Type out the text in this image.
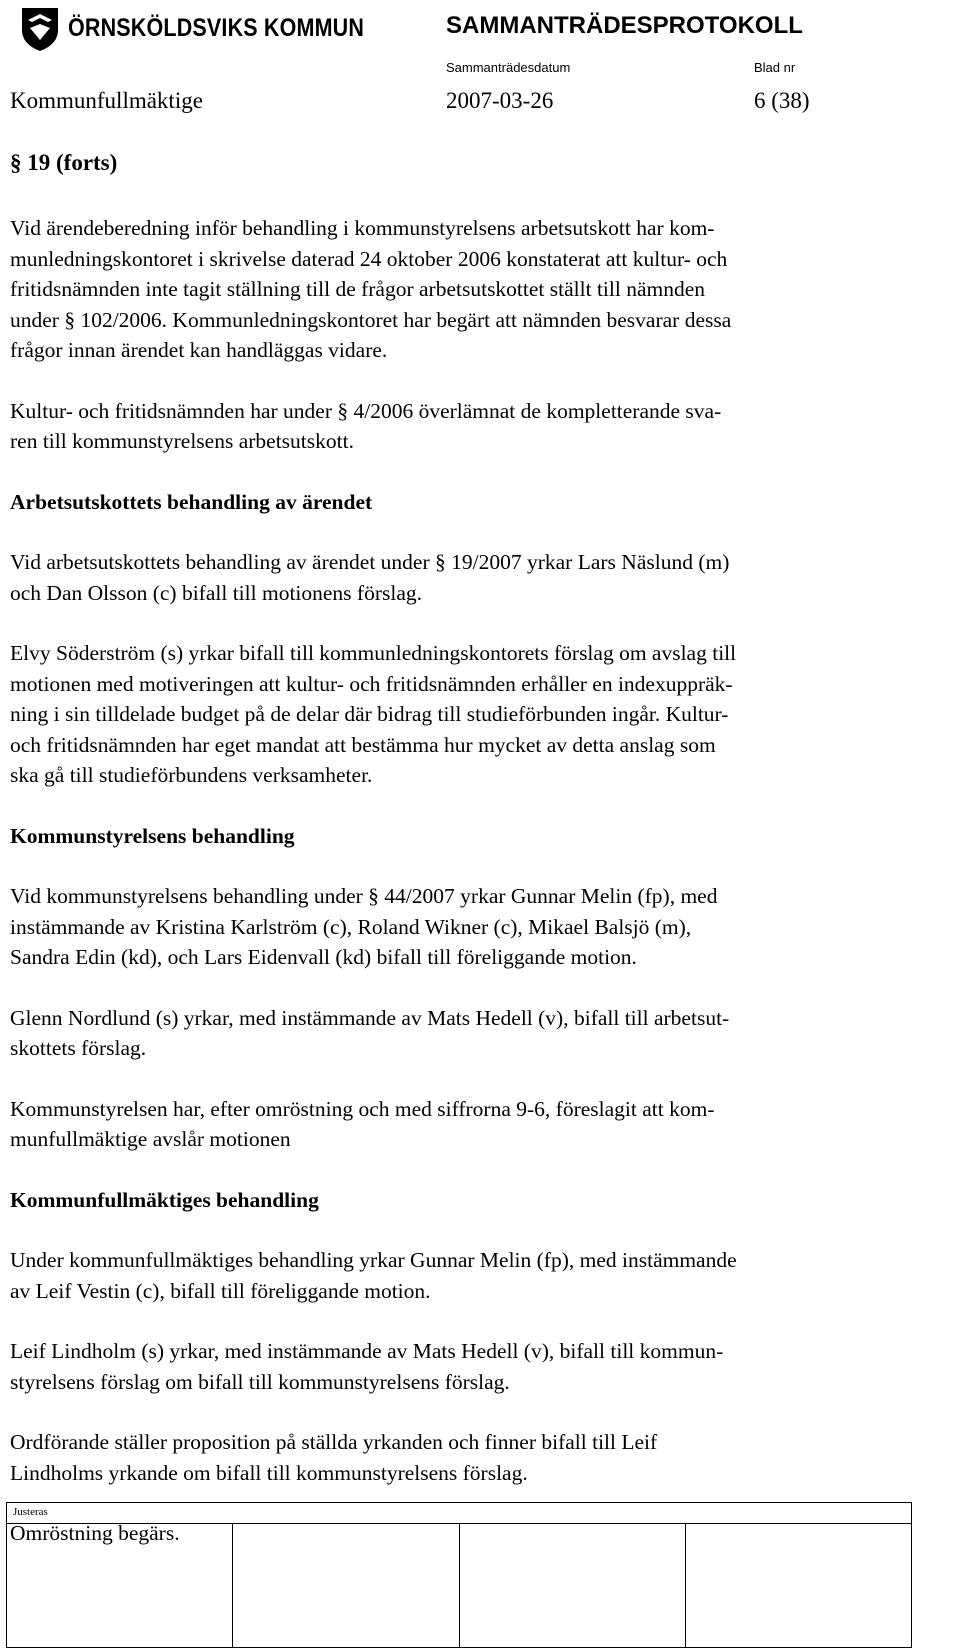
ÖRNSKÖLDSVIKS KOMMUN	SAMMANTRÄDESPROTOKOLL
Sammanträdesdatum	Blad nr
Kommunfullmäktige	2007-03-26	6 (38)
§ 19 (forts)

Vid ärendeberedning inför behandling i kommunstyrelsens arbetsutskott har kom-
munledningskontoret i skrivelse daterad 24 oktober 2006 konstaterat att kultur- och
fritidsnämnden inte tagit ställning till de frågor arbetsutskottet ställt till nämnden
under § 102/2006. Kommunledningskontoret har begärt att nämnden besvarar dessa
frågor innan ärendet kan handläggas vidare.

Kultur- och fritidsnämnden har under § 4/2006 överlämnat de kompletterande sva-
ren till kommunstyrelsens arbetsutskott.

Arbetsutskottets behandling av ärendet

Vid arbetsutskottets behandling av ärendet under § 19/2007 yrkar Lars Näslund (m)
och Dan Olsson (c) bifall till motionens förslag.

Elvy Söderström (s) yrkar bifall till kommunledningskontorets förslag om avslag till
motionen med motiveringen att kultur- och fritidsnämnden erhåller en indexuppräk-
ning i sin tilldelade budget på de delar där bidrag till studieförbunden ingår. Kultur-
och fritidsnämnden har eget mandat att bestämma hur mycket av detta anslag som
ska gå till studieförbundens verksamheter.

Kommunstyrelsens behandling

Vid kommunstyrelsens behandling under § 44/2007 yrkar Gunnar Melin (fp), med
instämmande av Kristina Karlström (c), Roland Wikner (c), Mikael Balsjö (m),
Sandra Edin (kd), och Lars Eidenvall (kd) bifall till föreliggande motion.

Glenn Nordlund (s) yrkar, med instämmande av Mats Hedell (v), bifall till arbetsut-
skottets förslag.

Kommunstyrelsen har, efter omröstning och med siffrorna 9-6, föreslagit att kom-
munfullmäktige avslår motionen

Kommunfullmäktiges behandling

Under kommunfullmäktiges behandling yrkar Gunnar Melin (fp), med instämmande
av Leif Vestin (c), bifall till föreliggande motion.

Leif Lindholm (s) yrkar, med instämmande av Mats Hedell (v), bifall till kommun-
styrelsens förslag om bifall till kommunstyrelsens förslag.

Ordförande ställer proposition på ställda yrkanden och finner bifall till Leif
Lindholms yrkande om bifall till kommunstyrelsens förslag.

Omröstning begärs.

Justeras
